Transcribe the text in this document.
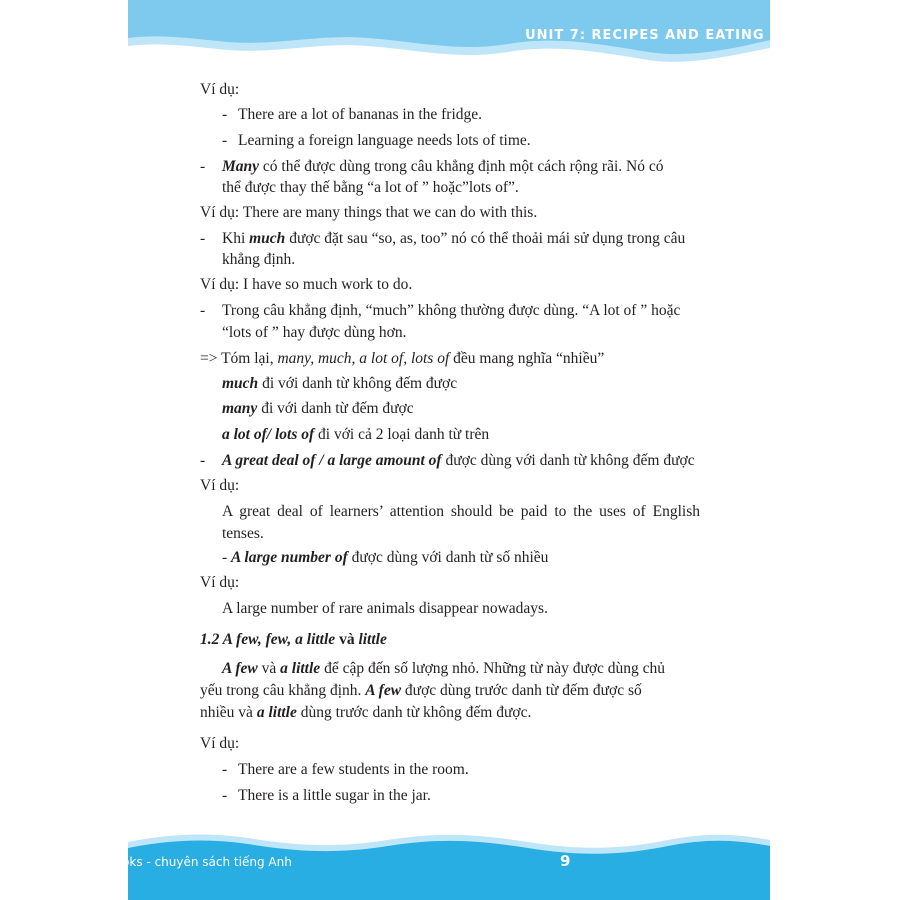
UNIT 7: RECIPES AND EATING HABITS
minhthangbooks - chuyên sách tiếng Anh	9
Ví dụ:
- There are a lot of bananas in the fridge.
- Learning a foreign language needs lots of time.
- Many có thể được dùng trong câu khẳng định một cách rộng rãi. Nó có
thể được thay thế bằng “a lot of ” hoặc”lots of”.
Ví dụ: There are many things that we can do with this.
- Khi much được đặt sau “so, as, too” nó có thể thoải mái sử dụng trong câu
khẳng định.
Ví dụ: I have so much work to do.
- Trong câu khẳng định, “much” không thường được dùng. “A lot of ” hoặc
“lots of ” hay được dùng hơn.
=> Tóm lại, many, much, a lot of, lots of đều mang nghĩa “nhiều”
much đi với danh từ không đếm được
many đi với danh từ đếm được
a lot of/ lots of đi với cả 2 loại danh từ trên
- A great deal of / a large amount of được dùng với danh từ không đếm được
Ví dụ:
A great deal of learners’ attention should be paid to the uses of English tenses.
- A large number of được dùng với danh từ số nhiều
Ví dụ:
A large number of rare animals disappear nowadays.
1.2 A few, few, a little và little
A few và a little để cập đến số lượng nhỏ. Những từ này được dùng chủ
yếu trong câu khẳng định. A few được dùng trước danh từ đếm được số
nhiều và a little dùng trước danh từ không đếm được.
Ví dụ:
- There are a few students in the room.
- There is a little sugar in the jar.
